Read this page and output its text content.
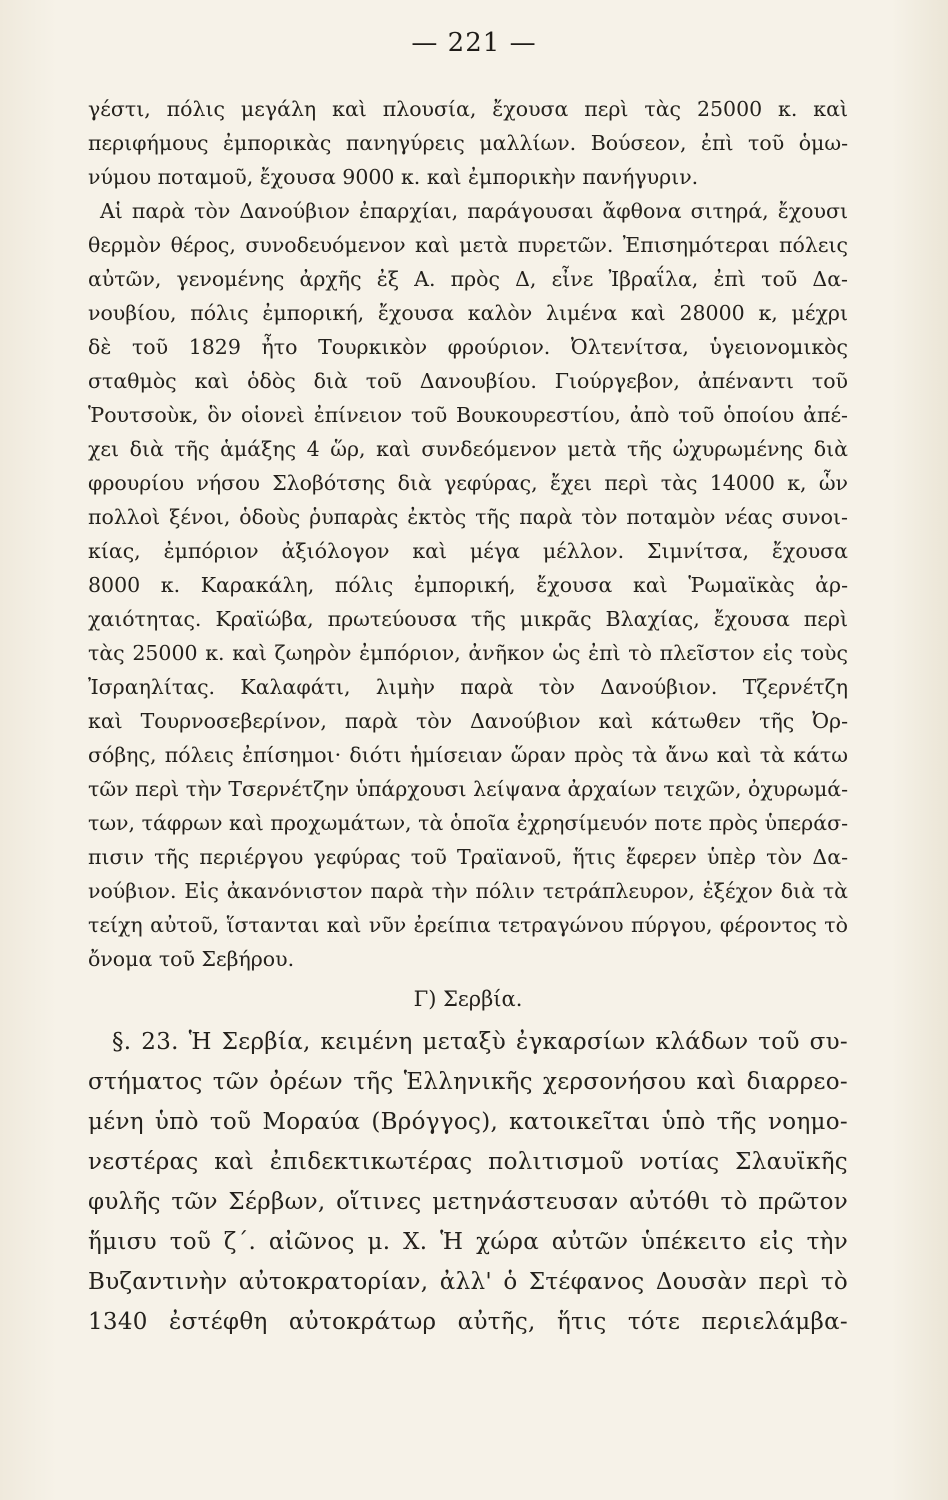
— 221 —
γέστι, πόλις μεγάλη καὶ πλουσία, ἔχουσα περὶ τὰς 25000 κ. καὶ
περιφήμους ἐμπορικὰς πανηγύρεις μαλλίων. Βούσεον, ἐπὶ τοῦ ὁμω-
νύμου ποταμοῦ, ἔχουσα 9000 κ. καὶ ἐμπορικὴν πανήγυριν.
Αἱ παρὰ τὸν Δανούβιον ἐπαρχίαι, παράγουσαι ἄφθονα σιτηρά, ἔχουσι
θερμὸν θέρος, συνοδευόμενον καὶ μετὰ πυρετῶν. Ἐπισημότεραι πόλεις
αὐτῶν, γενομένης ἀρχῆς ἐξ Α. πρὸς Δ, εἶνε Ἰβραΐλα, ἐπὶ τοῦ Δα-
νουβίου, πόλις ἐμπορική, ἔχουσα καλὸν λιμένα καὶ 28000 κ, μέχρι
δὲ τοῦ 1829 ἦτο Τουρκικὸν φρούριον. Ὀλτενίτσα, ὑγειονομικὸς
σταθμὸς καὶ ὁδὸς διὰ τοῦ Δανουβίου. Γιούργεβον, ἀπέναντι τοῦ
Ῥουτσοὺκ, ὃν οἱονεὶ ἐπίνειον τοῦ Βουκουρεστίου, ἀπὸ τοῦ ὁποίου ἀπέ-
χει διὰ τῆς ἁμάξης 4 ὥρ, καὶ συνδεόμενον μετὰ τῆς ὠχυρωμένης διὰ
φρουρίου νήσου Σλοβότσης διὰ γεφύρας, ἔχει περὶ τὰς 14000 κ, ὧν
πολλοὶ ξένοι, ὁδοὺς ῥυπαρὰς ἐκτὸς τῆς παρὰ τὸν ποταμὸν νέας συνοι-
κίας, ἐμπόριον ἀξιόλογον καὶ μέγα μέλλον. Σιμνίτσα, ἔχουσα
8000 κ. Καρακάλη, πόλις ἐμπορική, ἔχουσα καὶ Ῥωμαϊκὰς ἀρ-
χαιότητας. Κραϊώβα, πρωτεύουσα τῆς μικρᾶς Βλαχίας, ἔχουσα περὶ
τὰς 25000 κ. καὶ ζωηρὸν ἐμπόριον, ἀνῆκον ὡς ἐπὶ τὸ πλεῖστον εἰς τοὺς
Ἰσραηλίτας. Καλαφάτι, λιμὴν παρὰ τὸν Δανούβιον. Τζερνέτζη
καὶ Τουρνοσεβερίνον, παρὰ τὸν Δανούβιον καὶ κάτωθεν τῆς Ὀρ-
σόβης, πόλεις ἐπίσημοι· διότι ἡμίσειαν ὥραν πρὸς τὰ ἄνω καὶ τὰ κάτω
τῶν περὶ τὴν Τσερνέτζην ὑπάρχουσι λείψανα ἀρχαίων τειχῶν, ὀχυρωμά-
των, τάφρων καὶ προχωμάτων, τὰ ὁποῖα ἐχρησίμευόν ποτε πρὸς ὑπεράσ-
πισιν τῆς περιέργου γεφύρας τοῦ Τραϊανοῦ, ἥτις ἔφερεν ὑπὲρ τὸν Δα-
νούβιον. Εἰς ἀκανόνιστον παρὰ τὴν πόλιν τετράπλευρον, ἐξέχον διὰ τὰ
τείχη αὐτοῦ, ἵστανται καὶ νῦν ἐρείπια τετραγώνου πύργου, φέροντος τὸ
ὄνομα τοῦ Σεβήρου.
Γ) Σερβία.
§. 23. Ἡ Σερβία, κειμένη μεταξὺ ἐγκαρσίων κλάδων τοῦ συ-
στήματος τῶν ὀρέων τῆς Ἑλληνικῆς χερσονήσου καὶ διαρρεο-
μένη ὑπὸ τοῦ Μοραύα (Βρόγγος), κατοικεῖται ὑπὸ τῆς νοημο-
νεστέρας καὶ ἐπιδεκτικωτέρας πολιτισμοῦ νοτίας Σλαυϊκῆς
φυλῆς τῶν Σέρβων, οἵτινες μετηνάστευσαν αὐτόθι τὸ πρῶτον
ἥμισυ τοῦ ζ΄. αἰῶνος μ. Χ. Ἡ χώρα αὐτῶν ὑπέκειτο εἰς τὴν
Βυζαντινὴν αὐτοκρατορίαν, ἀλλ' ὁ Στέφανος Δουσὰν περὶ τὸ
1340 ἐστέφθη αὐτοκράτωρ αὐτῆς, ἥτις τότε περιελάμβα-
